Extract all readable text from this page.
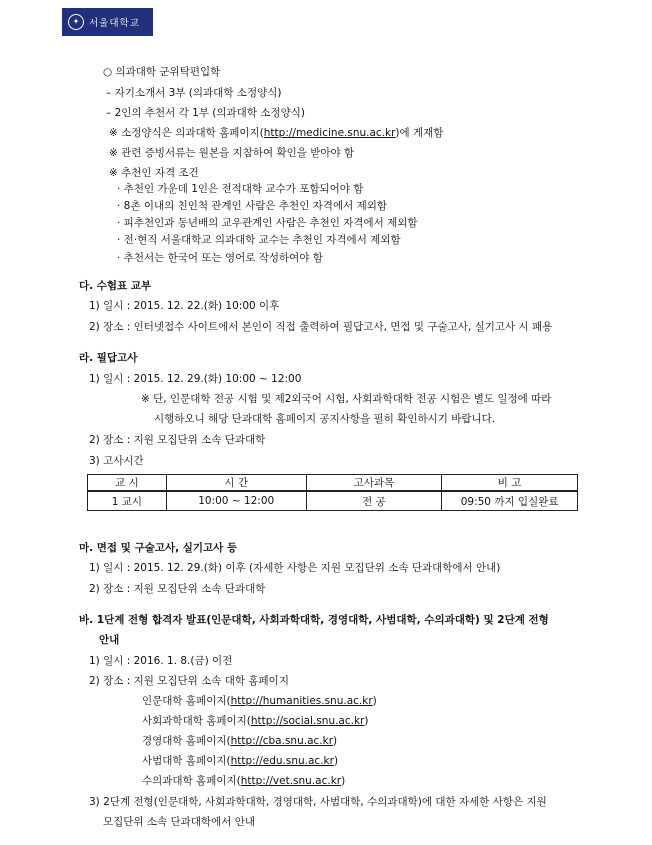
✦	서울대학교
○ 의과대학 군위탁편입학
– 자기소개서 3부 (의과대학 소정양식)
– 2인의 추천서 각 1부 (의과대학 소정양식)
※ 소정양식은 의과대학 홈페이지(http://medicine.snu.ac.kr)에 게재함
※ 관련 증빙서류는 원본을 지참하여 확인을 받아야 함
※ 추천인 자격 조건
· 추천인 가운데 1인은 전적대학 교수가 포함되어야 함
· 8촌 이내의 친인척 관계인 사람은 추천인 자격에서 제외함
· 피추천인과 동년배의 교우관계인 사람은 추천인 자격에서 제외함
· 전·현직 서울대학교 의과대학 교수는 추천인 자격에서 제외함
· 추천서는 한국어 또는 영어로 작성하여야 함
다. 수험표 교부
1) 일시 : 2015. 12. 22.(화) 10:00 이후
2) 장소 : 인터넷접수 사이트에서 본인이 직접 출력하여 필답고사, 면접 및 구술고사, 실기고사 시 패용
라. 필답고사
1) 일시 : 2015. 12. 29.(화) 10:00 ~ 12:00
※ 단, 인문대학 전공 시험 및 제2외국어 시험, 사회과학대학 전공 시험은 별도 일정에 따라
시행하오니 해당 단과대학 홈페이지 공지사항을 필히 확인하시기 바랍니다.
2) 장소 : 지원 모집단위 소속 단과대학
3) 고사시간
교 시	시 간	고사과목	비 고
1 교시	10:00 ~ 12:00	전 공	09:50 까지 입실완료
마. 면접 및 구술고사, 실기고사 등
1) 일시 : 2015. 12. 29.(화) 이후 (자세한 사항은 지원 모집단위 소속 단과대학에서 안내)
2) 장소 : 지원 모집단위 소속 단과대학
바. 1단계 전형 합격자 발표(인문대학, 사회과학대학, 경영대학, 사범대학, 수의과대학) 및 2단계 전형
안내
1) 일시 : 2016. 1. 8.(금) 이전
2) 장소 : 지원 모집단위 소속 대학 홈페이지
인문대학 홈페이지(http://humanities.snu.ac.kr)
사회과학대학 홈페이지(http://social.snu.ac.kr)
경영대학 홈페이지(http://cba.snu.ac.kr)
사범대학 홈페이지(http://edu.snu.ac.kr)
수의과대학 홈페이지(http://vet.snu.ac.kr)
3) 2단계 전형(인문대학, 사회과학대학, 경영대학, 사범대학, 수의과대학)에 대한 자세한 사항은 지원
모집단위 소속 단과대학에서 안내
